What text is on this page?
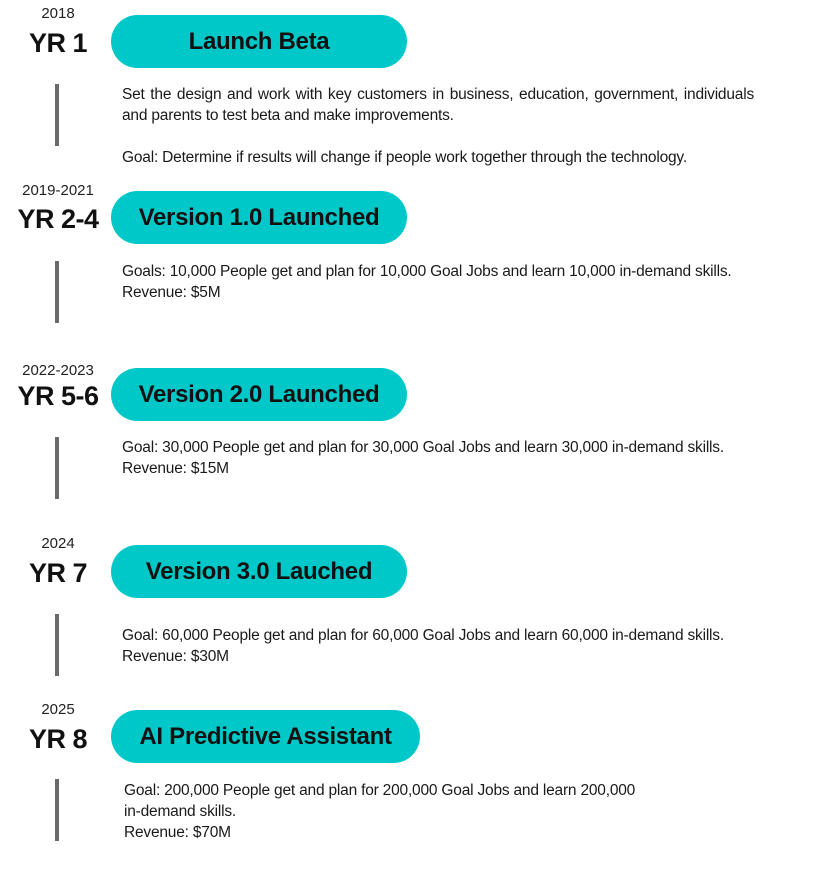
2018
YR 1	Launch Beta

Set the design and work with key customers in business, education, government, individuals and parents to test beta and make improvements.

Goal: Determine if results will change if people work together through the technology.

2019-2021
YR 2-4	Version 1.0 Launched

Goals: 10,000 People get and plan for 10,000 Goal Jobs and learn 10,000 in-demand skills.

Revenue: $5M

2022-2023
YR 5-6	Version 2.0 Launched

Goal: 30,000 People get and plan for 30,000 Goal Jobs and learn 30,000 in-demand skills.

Revenue: $15M

2024
YR 7	Version 3.0 Lauched

Goal: 60,000 People get and plan for 60,000 Goal Jobs and learn 60,000 in-demand skills.

Revenue: $30M

2025
YR 8	AI Predictive Assistant

Goal: 200,000 People get and plan for 200,000 Goal Jobs and learn 200,000

in-demand skills.

Revenue: $70M
